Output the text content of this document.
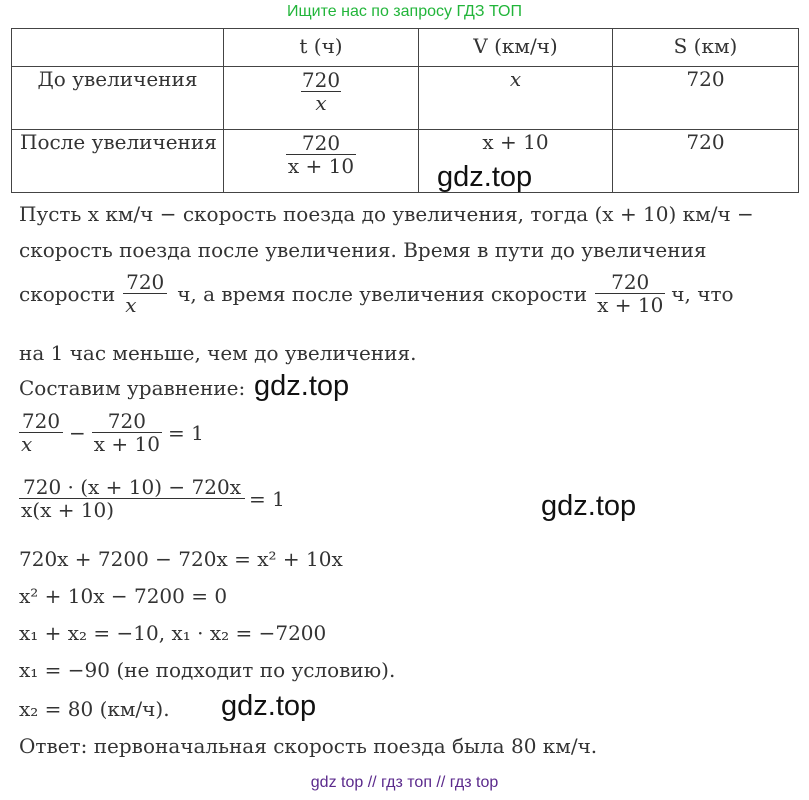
Ищите нас по запросу ГДЗ ТОП
	t (ч)	V (км/ч)	S (км)
До увеличения	$\frac{720}{x}$	x	720
После увеличения	$\frac{720}{x + 10}$	x + 10	720
gdz.top
Пусть x км/ч − скорость поезда до увеличения, тогда (x + 10) км/ч −
скорость поезда после увеличения. Время в пути до увеличения
скорости $\frac{720}{x} ч$, а время после увеличения скорости $\frac{720}{x + 10} ч$, что
на 1 час меньше, чем до увеличения.
Составим уравнение: gdz.top
$\frac{720}{x} - \frac{720}{x + 10} = 1$
$\frac{720 \cdot (x + 10) - 720x}{x(x + 10)} = 1$	gdz.top
720x + 7200 − 720x = x² + 10x
x² + 10x − 7200 = 0
x₁ + x₂ = −10, x₁ · x₂ = −7200
x₁ = −90 (не подходит по условию).
x₂ = 80 (км/ч). gdz.top
Ответ: первоначальная скорость поезда была 80 км/ч.
gdz top // гдз топ // гдз top
